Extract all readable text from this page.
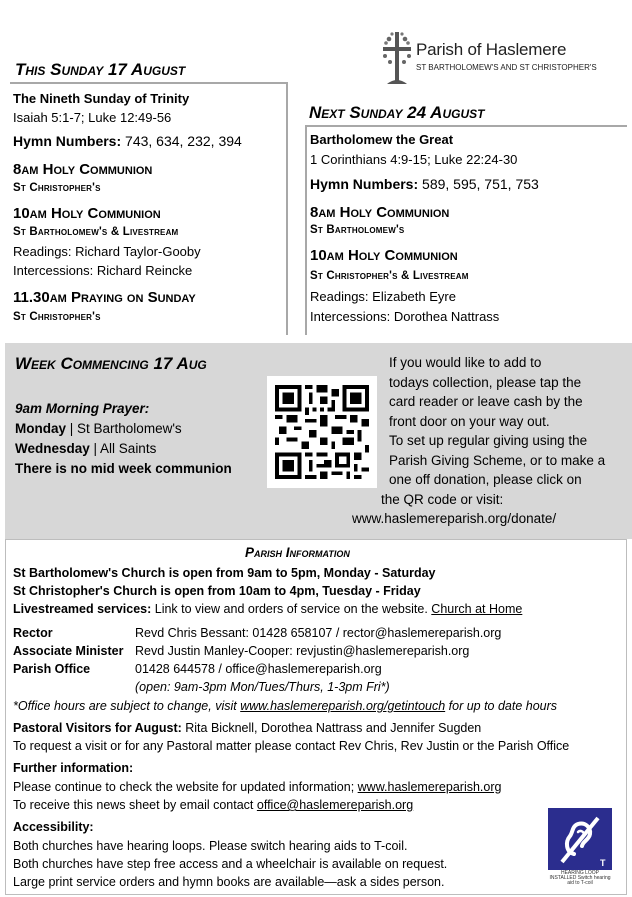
Parish of Haslemere
ST BARTHOLOMEW'S AND ST CHRISTOPHER'S
This Sunday 17 August
The Nineth Sunday of Trinity
Isaiah 5:1-7; Luke 12:49-56
Hymn Numbers: 743, 634, 232, 394
8am Holy Communion
St Christopher's
10am Holy Communion
St Bartholomew's & Livestream
Readings: Richard Taylor-Gooby
Intercessions: Richard Reincke
11.30am Praying on Sunday
St Christopher's
Next Sunday 24 August
Bartholomew the Great
1 Corinthians 4:9-15; Luke 22:24-30
Hymn Numbers: 589, 595, 751, 753
8am Holy Communion
St Bartholomew's
10am Holy Communion
St Christopher's & Livestream
Readings: Elizabeth Eyre
Intercessions: Dorothea Nattrass
Week Commencing 17 Aug
9am Morning Prayer:
Monday | St Bartholomew's
Wednesday | All Saints
There is no mid week communion
If you would like to add to
todays collection, please tap the
card reader or leave cash by the
front door on your way out.
To set up regular giving using the
Parish Giving Scheme, or to make a
one off donation, please click on
the QR code or visit:
www.haslemereparish.org/donate/
Parish Information
St Bartholomew's Church is open from 9am to 5pm, Monday - Saturday
St Christopher's Church is open from 10am to 4pm, Tuesday - Friday
Livestreamed services: Link to view and orders of service on the website. Church at Home
Rector	Revd Chris Bessant: 01428 658107 / rector@haslemereparish.org
Associate Minister Revd Justin Manley-Cooper: revjustin@haslemereparish.org
Parish Office	01428 644578 / office@haslemereparish.org
(open: 9am-3pm Mon/Tues/Thurs, 1-3pm Fri*)
*Office hours are subject to change, visit www.haslemereparish.org/getintouch for up to date hours
Pastoral Visitors for August: Rita Bicknell, Dorothea Nattrass and Jennifer Sugden
To request a visit or for any Pastoral matter please contact Rev Chris, Rev Justin or the Parish Office
Further information:
Please continue to check the website for updated information; www.haslemereparish.org
To receive this news sheet by email contact office@haslemereparish.org
Accessibility:
Both churches have hearing loops. Please switch hearing aids to T-coil.
Both churches have step free access and a wheelchair is available on request.
Large print service orders and hymn books are available—ask a sides person.
T
HEARING LOOP INSTALLED Switch hearing aid to T-coil
